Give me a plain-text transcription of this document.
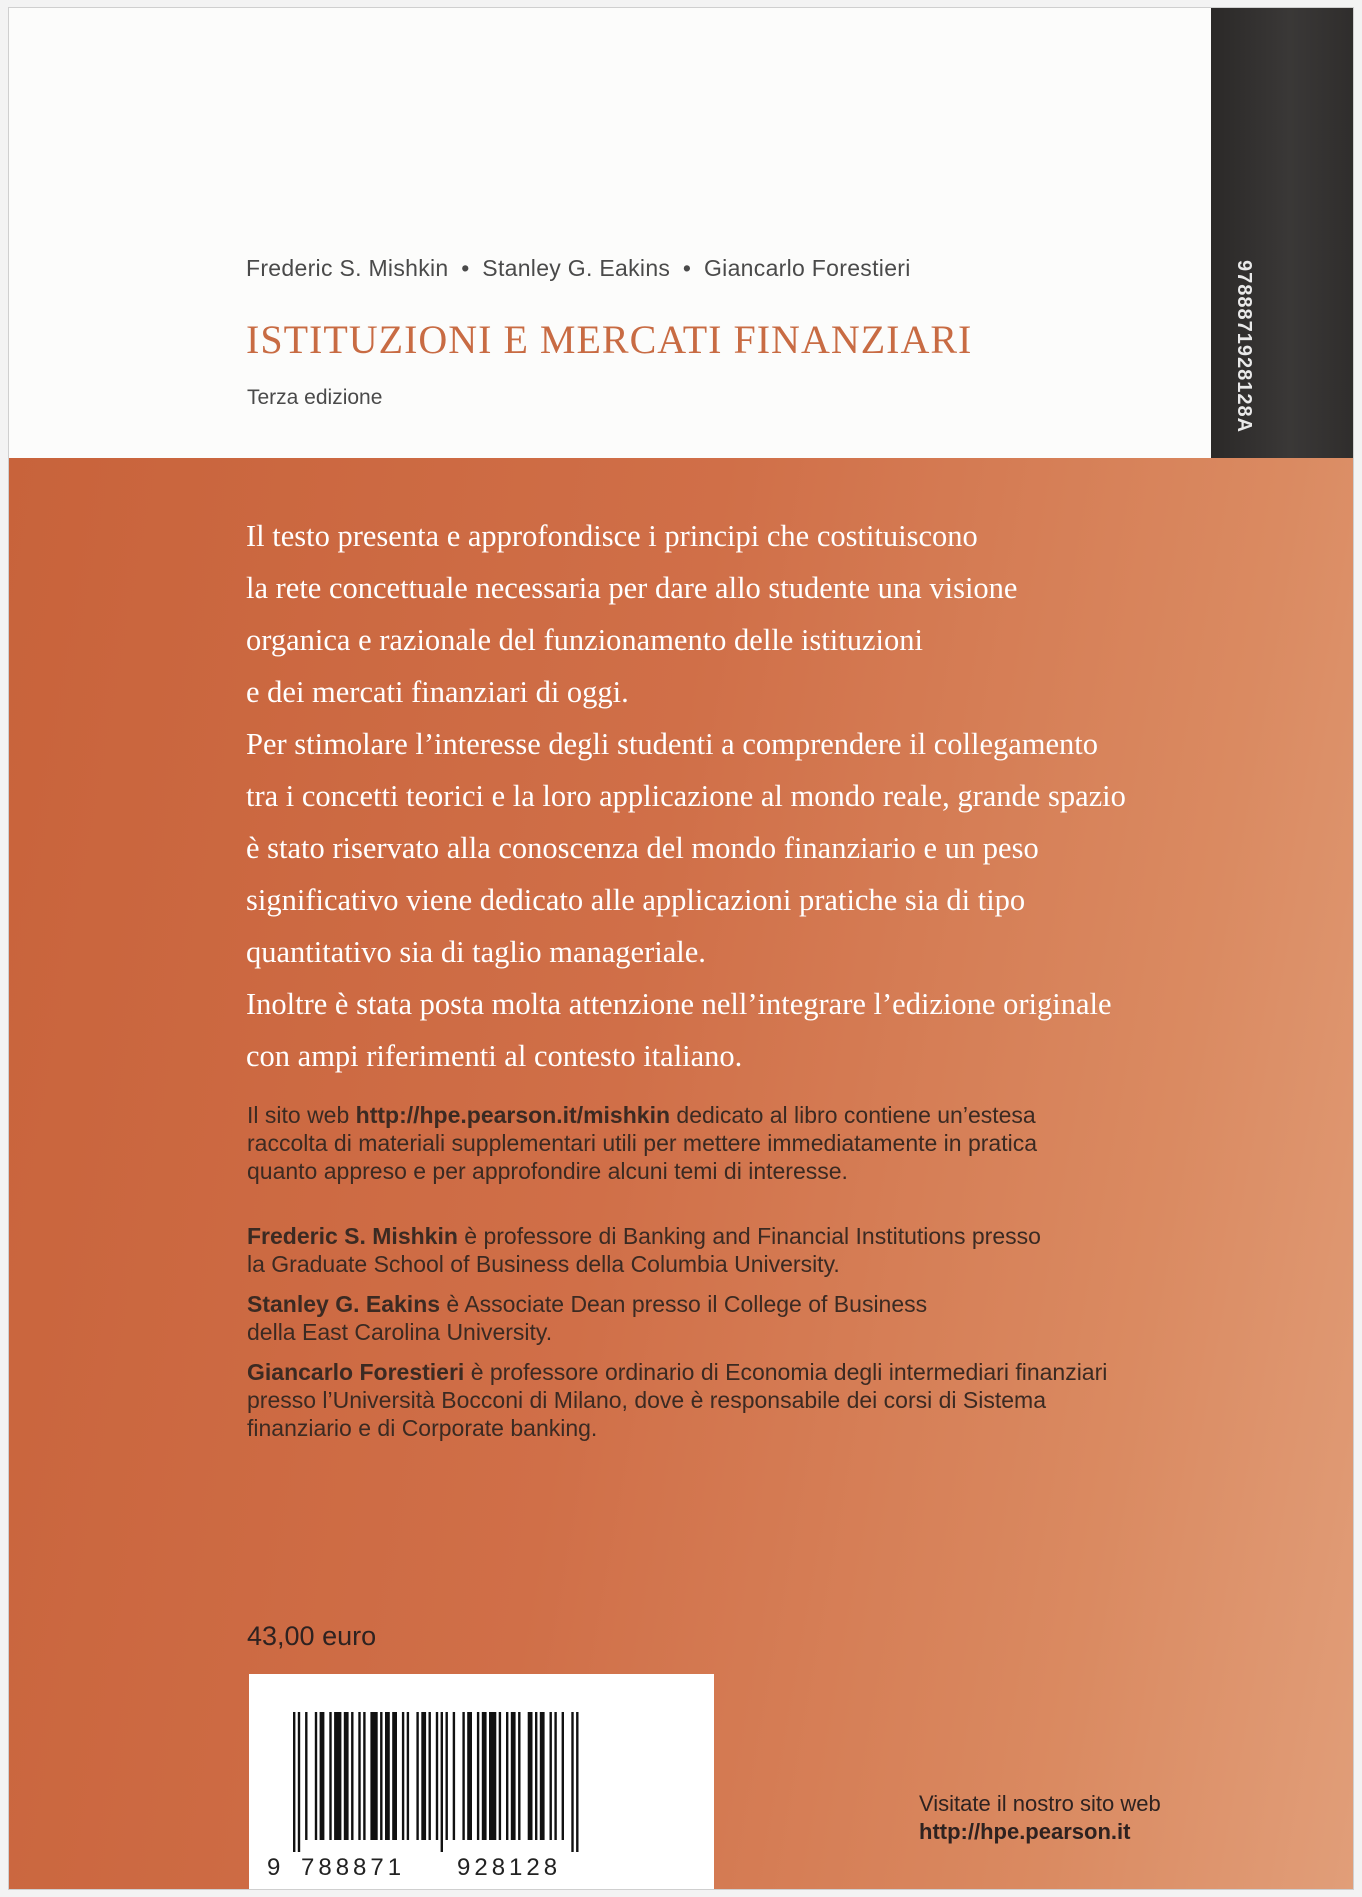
9788871928128A
Frederic S. Mishkin • Stanley G. Eakins • Giancarlo Forestieri
ISTITUZIONI E MERCATI FINANZIARI
Terza edizione
Il testo presenta e approfondisce i principi che costituiscono
la rete concettuale necessaria per dare allo studente una visione
organica e razionale del funzionamento delle istituzioni
e dei mercati finanziari di oggi.
Per stimolare l’interesse degli studenti a comprendere il collegamento
tra i concetti teorici e la loro applicazione al mondo reale, grande spazio
è stato riservato alla conoscenza del mondo finanziario e un peso
significativo viene dedicato alle applicazioni pratiche sia di tipo
quantitativo sia di taglio manageriale.
Inoltre è stata posta molta attenzione nell’integrare l’edizione originale
con ampi riferimenti al contesto italiano.
Il sito web http://hpe.pearson.it/mishkin dedicato al libro contiene un’estesa
raccolta di materiali supplementari utili per mettere immediatamente in pratica
quanto appreso e per approfondire alcuni temi di interesse.
Frederic S. Mishkin è professore di Banking and Financial Institutions presso
la Graduate School of Business della Columbia University.
Stanley G. Eakins è Associate Dean presso il College of Business
della East Carolina University.
Giancarlo Forestieri è professore ordinario di Economia degli intermediari finanziari
presso l’Università Bocconi di Milano, dove è responsabile dei corsi di Sistema
finanziario e di Corporate banking.
43,00 euro
9 788871 928128
Visitate il nostro sito web
http://hpe.pearson.it
